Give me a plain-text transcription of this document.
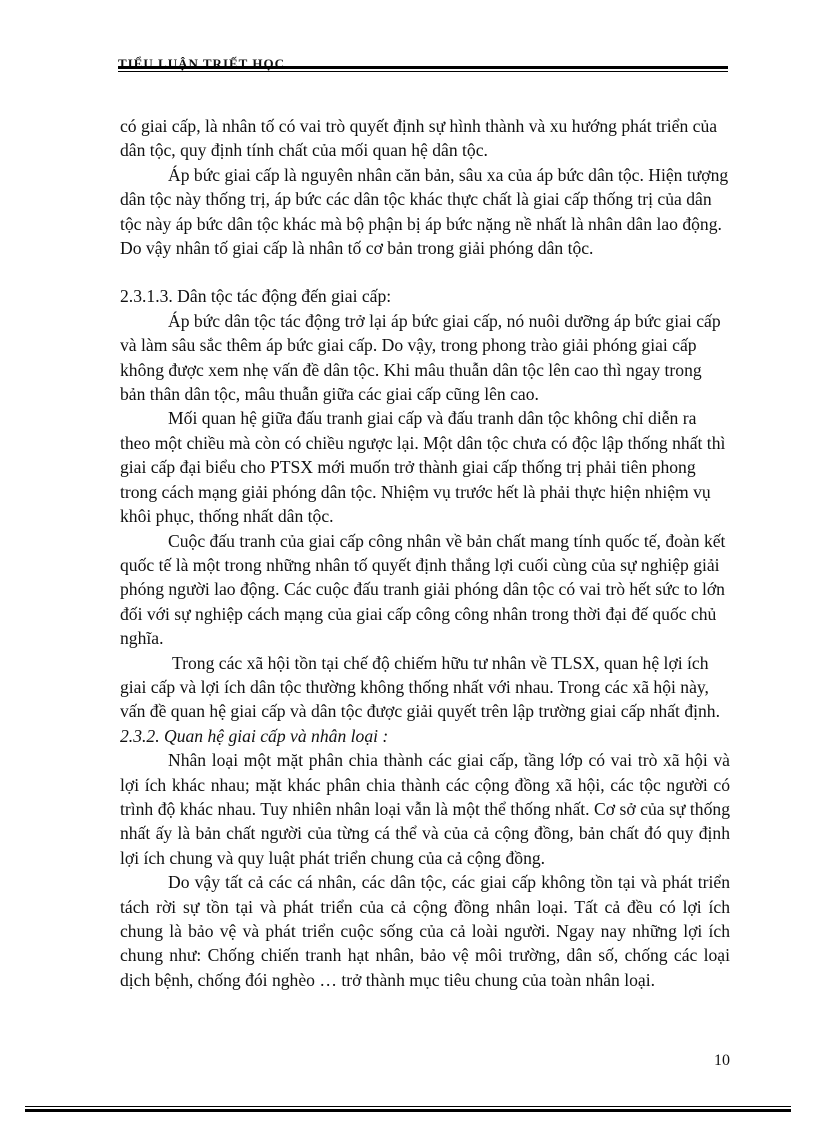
TIỂU LUẬN TRIẾT HỌC

có giai cấp, là nhân tố có vai trò quyết định sự hình thành và xu hướng phát triển của dân tộc, quy định tính chất của mối quan hệ dân tộc.

Áp bức giai cấp là nguyên nhân căn bản, sâu xa của áp bức dân tộc. Hiện tượng dân tộc này thống trị, áp bức các dân tộc khác thực chất là giai cấp thống trị của dân tộc này áp bức dân tộc khác mà bộ phận bị áp bức nặng nề nhất là nhân dân lao động. Do vậy nhân tố giai cấp là nhân tố cơ bản trong giải phóng dân tộc.

2.3.1.3. Dân tộc tác động đến giai cấp:

Áp bức dân tộc tác động trở lại áp bức giai cấp, nó nuôi dưỡng áp bức giai cấp và làm sâu sắc thêm áp bức giai cấp. Do vậy, trong phong trào giải phóng giai cấp không được xem nhẹ vấn đề dân tộc. Khi mâu thuẫn dân tộc lên cao thì ngay trong bản thân dân tộc, mâu thuẫn giữa các giai cấp cũng lên cao.

Mối quan hệ giữa đấu tranh giai cấp và đấu tranh dân tộc không chỉ diễn ra theo một chiều mà còn có chiều ngược lại. Một dân tộc chưa có độc lập thống nhất thì giai cấp đại biểu cho PTSX mới muốn trở thành giai cấp thống trị phải tiên phong trong cách mạng giải phóng dân tộc. Nhiệm vụ trước hết là phải thực hiện nhiệm vụ khôi phục, thống nhất dân tộc.

Cuộc đấu tranh của giai cấp công nhân về bản chất mang tính quốc tế, đoàn kết quốc tế là một trong những nhân tố quyết định thắng lợi cuối cùng của sự nghiệp giải phóng người lao động. Các cuộc đấu tranh giải phóng dân tộc có vai trò hết sức to lớn đối với sự nghiệp cách mạng của giai cấp công công nhân trong thời đại đế quốc chủ nghĩa.

Trong các xã hội tồn tại chế độ chiếm hữu tư nhân về TLSX, quan hệ lợi ích giai cấp và lợi ích dân tộc thường không thống nhất với nhau. Trong các xã hội này, vấn đề quan hệ giai cấp và dân tộc được giải quyết trên lập trường giai cấp nhất định.

2.3.2. Quan hệ giai cấp và nhân loại :

Nhân loại một mặt phân chia thành các giai cấp, tầng lớp có vai trò xã hội và lợi ích khác nhau; mặt khác phân chia thành các cộng đồng xã hội, các tộc người có trình độ khác nhau. Tuy nhiên nhân loại vẫn là một thể thống nhất. Cơ sở của sự thống nhất ấy là bản chất người của từng cá thể và của cả cộng đồng, bản chất đó quy định lợi ích chung và quy luật phát triển chung của cả cộng đồng.

Do vậy tất cả các cá nhân, các dân tộc, các giai cấp không tồn tại và phát triển tách rời sự tồn tại và phát triển của cả cộng đồng nhân loại. Tất cả đều có lợi ích chung là bảo vệ và phát triển cuộc sống của cả loài người. Ngay nay những lợi ích chung như: Chống chiến tranh hạt nhân, bảo vệ môi trường, dân số, chống các loại dịch bệnh, chống đói nghèo … trở thành mục tiêu chung của toàn nhân loại.

10
